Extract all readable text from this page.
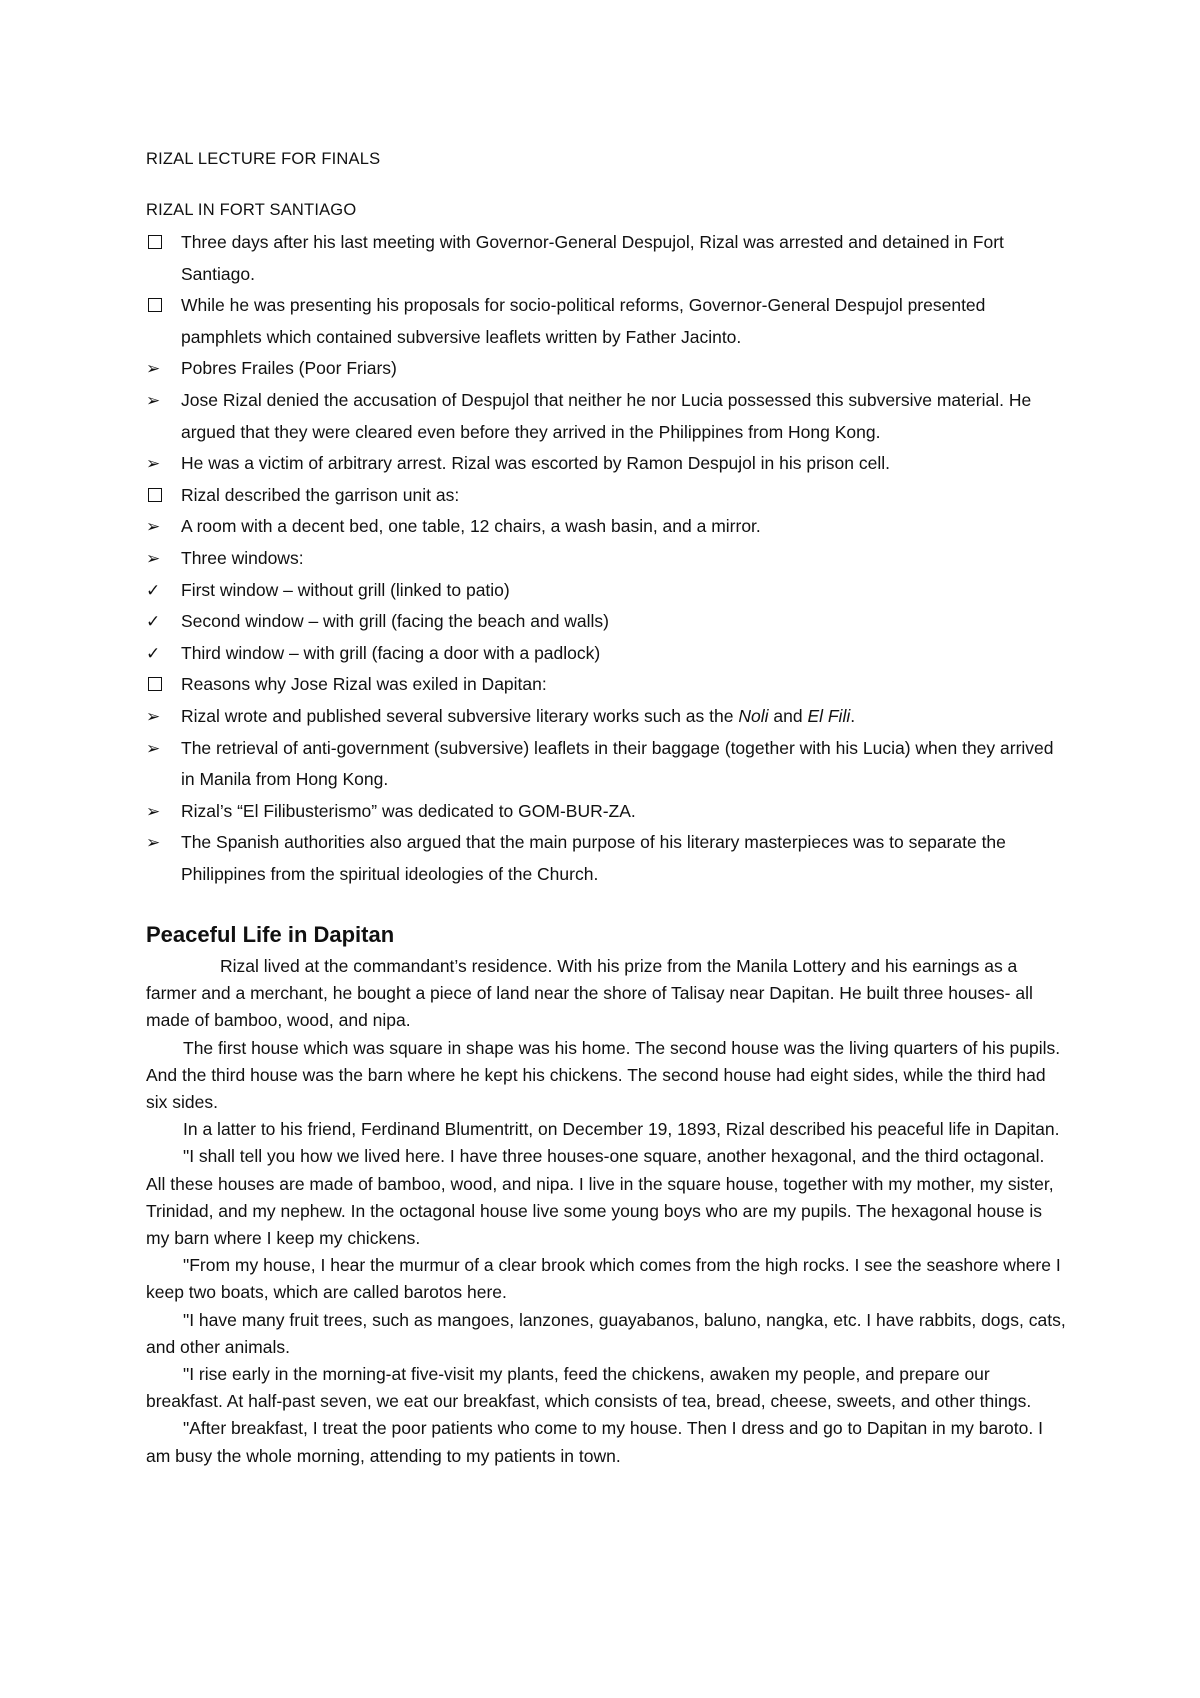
RIZAL LECTURE FOR FINALS
RIZAL IN FORT SANTIAGO
Three days after his last meeting with Governor-General Despujol, Rizal was arrested and detained in Fort Santiago.
While he was presenting his proposals for socio-political reforms, Governor-General Despujol presented pamphlets which contained subversive leaflets written by Father Jacinto.
➢	Pobres Frailes (Poor Friars)
➢	Jose Rizal denied the accusation of Despujol that neither he nor Lucia possessed this subversive material. He argued that they were cleared even before they arrived in the Philippines from Hong Kong.
➢	He was a victim of arbitrary arrest. Rizal was escorted by Ramon Despujol in his prison cell.
Rizal described the garrison unit as:
➢	A room with a decent bed, one table, 12 chairs, a wash basin, and a mirror.
➢	Three windows:
✓	First window – without grill (linked to patio)
✓	Second window – with grill (facing the beach and walls)
✓	Third window – with grill (facing a door with a padlock)
Reasons why Jose Rizal was exiled in Dapitan:
➢	Rizal wrote and published several subversive literary works such as the Noli and El Fili.
➢	The retrieval of anti-government (subversive) leaflets in their baggage (together with his Lucia) when they arrived in Manila from Hong Kong.
➢	Rizal’s “El Filibusterismo” was dedicated to GOM-BUR-ZA.
➢	The Spanish authorities also argued that the main purpose of his literary masterpieces was to separate the Philippines from the spiritual ideologies of the Church.
Peaceful Life in Dapitan

Rizal lived at the commandant’s residence. With his prize from the Manila Lottery and his earnings as a farmer and a merchant, he bought a piece of land near the shore of Talisay near Dapitan. He built three houses- all made of bamboo, wood, and nipa.

The first house which was square in shape was his home. The second house was the living quarters of his pupils. And the third house was the barn where he kept his chickens. The second house had eight sides, while the third had six sides.

In a latter to his friend, Ferdinand Blumentritt, on December 19, 1893, Rizal described his peaceful life in Dapitan.

"I shall tell you how we lived here. I have three houses-one square, another hexagonal, and the third octagonal. All these houses are made of bamboo, wood, and nipa. I live in the square house, together with my mother, my sister, Trinidad, and my nephew. In the octagonal house live some young boys who are my pupils. The hexagonal house is my barn where I keep my chickens.

"From my house, I hear the murmur of a clear brook which comes from the high rocks. I see the seashore where I keep two boats, which are called barotos here.

"I have many fruit trees, such as mangoes, lanzones, guayabanos, baluno, nangka, etc. I have rabbits, dogs, cats, and other animals.

"I rise early in the morning-at five-visit my plants, feed the chickens, awaken my people, and prepare our breakfast. At half-past seven, we eat our breakfast, which consists of tea, bread, cheese, sweets, and other things.

"After breakfast, I treat the poor patients who come to my house. Then I dress and go to Dapitan in my baroto. I am busy the whole morning, attending to my patients in town.
